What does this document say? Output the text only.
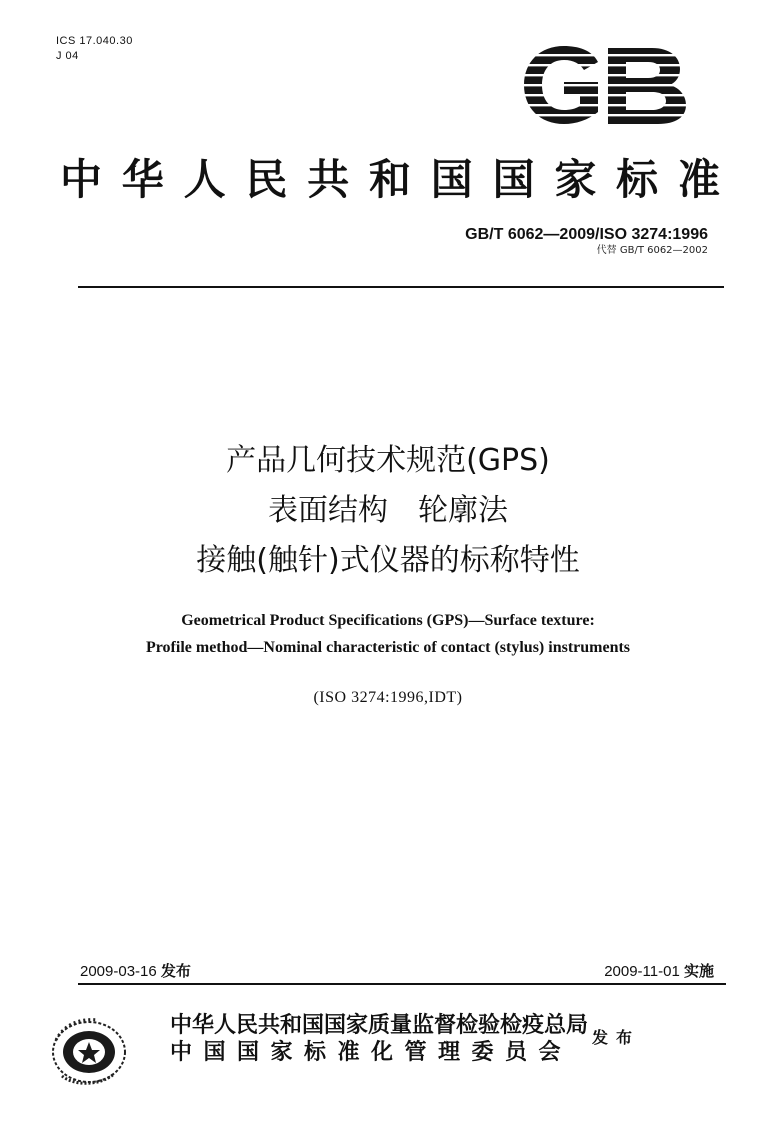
ICS 17.040.30
J 04
中华人民共和国国家标准
GB/T 6062—2009/ISO 3274:1996
代替 GB/T 6062—2002
产品几何技术规范(GPS)
表面结构　轮廓法
接触(触针)式仪器的标称特性
Geometrical Product Specifications (GPS)—Surface texture:
Profile method—Nominal characteristic of contact (stylus) instruments
(ISO 3274:1996,IDT)
2009-03-16 发布	2009-11-01 实施
中华人民共和国国家质量监督检验检疫总局
中国国家标准化管理委员会
发布
